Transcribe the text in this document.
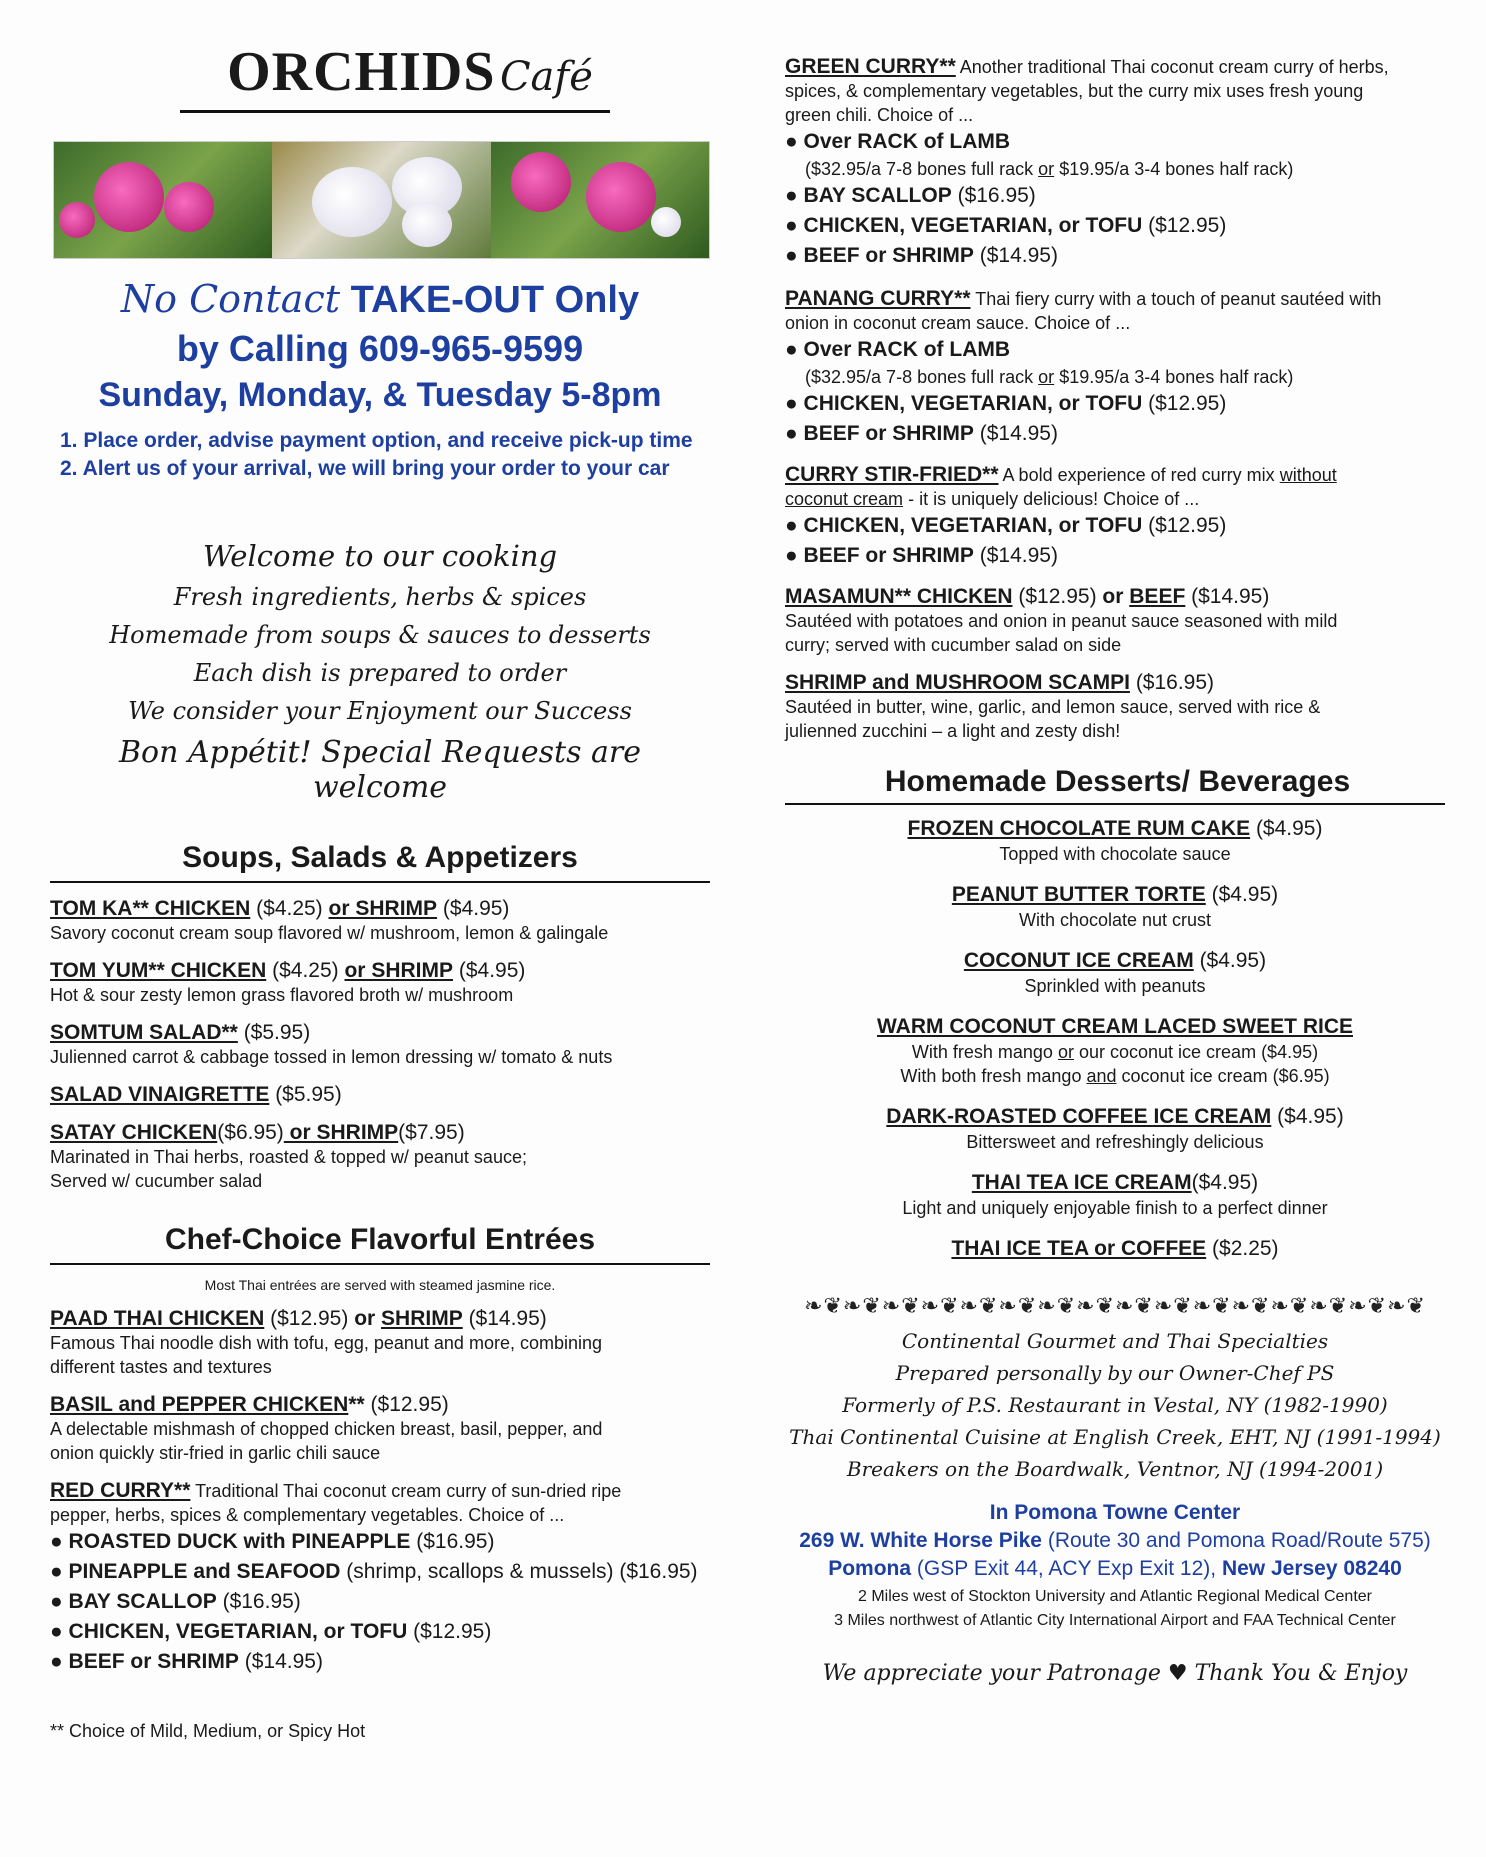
ORCHIDS Café
No Contact TAKE-OUT Only
by Calling 609-965-9599
Sunday, Monday, & Tuesday 5-8pm
1. Place order, advise payment option, and receive pick-up time
2. Alert us of your arrival, we will bring your order to your car
Welcome to our cooking
Fresh ingredients, herbs & spices
Homemade from soups & sauces to desserts
Each dish is prepared to order
We consider your Enjoyment our Success
Bon Appétit! Special Requests are welcome
Soups, Salads & Appetizers
TOM KA** CHICKEN ($4.25) or SHRIMP ($4.95)
Savory coconut cream soup flavored w/ mushroom, lemon & galingale
TOM YUM** CHICKEN ($4.25) or SHRIMP ($4.95)
Hot & sour zesty lemon grass flavored broth w/ mushroom
SOMTUM SALAD** ($5.95)
Julienned carrot & cabbage tossed in lemon dressing w/ tomato & nuts
SALAD VINAIGRETTE ($5.95)
SATAY CHICKEN($6.95) or SHRIMP($7.95)
Marinated in Thai herbs, roasted & topped w/ peanut sauce;
Served w/ cucumber salad
Chef-Choice Flavorful Entrées
Most Thai entrées are served with steamed jasmine rice.
PAAD THAI CHICKEN ($12.95) or SHRIMP ($14.95)
Famous Thai noodle dish with tofu, egg, peanut and more, combining
different tastes and textures
BASIL and PEPPER CHICKEN** ($12.95)
A delectable mishmash of chopped chicken breast, basil, pepper, and
onion quickly stir-fried in garlic chili sauce
RED CURRY** Traditional Thai coconut cream curry of sun-dried ripe
pepper, herbs, spices & complementary vegetables. Choice of ...
● ROASTED DUCK with PINEAPPLE ($16.95)
● PINEAPPLE and SEAFOOD (shrimp, scallops & mussels) ($16.95)
● BAY SCALLOP ($16.95)
● CHICKEN, VEGETARIAN, or TOFU ($12.95)
● BEEF or SHRIMP ($14.95)
** Choice of Mild, Medium, or Spicy Hot
GREEN CURRY** Another traditional Thai coconut cream curry of herbs,
spices, & complementary vegetables, but the curry mix uses fresh young
green chili. Choice of ...
● Over RACK of LAMB
($32.95/a 7-8 bones full rack or $19.95/a 3-4 bones half rack)
● BAY SCALLOP ($16.95)
● CHICKEN, VEGETARIAN, or TOFU ($12.95)
● BEEF or SHRIMP ($14.95)
PANANG CURRY** Thai fiery curry with a touch of peanut sautéed with
onion in coconut cream sauce. Choice of ...
● Over RACK of LAMB
($32.95/a 7-8 bones full rack or $19.95/a 3-4 bones half rack)
● CHICKEN, VEGETARIAN, or TOFU ($12.95)
● BEEF or SHRIMP ($14.95)
CURRY STIR-FRIED** A bold experience of red curry mix without
coconut cream - it is uniquely delicious! Choice of ...
● CHICKEN, VEGETARIAN, or TOFU ($12.95)
● BEEF or SHRIMP ($14.95)
MASAMUN** CHICKEN ($12.95) or BEEF ($14.95)
Sautéed with potatoes and onion in peanut sauce seasoned with mild
curry; served with cucumber salad on side
SHRIMP and MUSHROOM SCAMPI ($16.95)
Sautéed in butter, wine, garlic, and lemon sauce, served with rice &
julienned zucchini – a light and zesty dish!
Homemade Desserts/ Beverages
FROZEN CHOCOLATE RUM CAKE ($4.95)
Topped with chocolate sauce
PEANUT BUTTER TORTE ($4.95)
With chocolate nut crust
COCONUT ICE CREAM ($4.95)
Sprinkled with peanuts
WARM COCONUT CREAM LACED SWEET RICE
With fresh mango or our coconut ice cream ($4.95)
With both fresh mango and coconut ice cream ($6.95)
DARK-ROASTED COFFEE ICE CREAM ($4.95)
Bittersweet and refreshingly delicious
THAI TEA ICE CREAM($4.95)
Light and uniquely enjoyable finish to a perfect dinner
THAI ICE TEA or COFFEE ($2.25)
❧❦❧❦❧❦❧❦❧❦❧❦❧❦❧❦❧❦❧❦❧❦❧❦❧❦❧❦❧❦❧❦
Continental Gourmet and Thai Specialties
Prepared personally by our Owner-Chef PS
Formerly of P.S. Restaurant in Vestal, NY (1982-1990)
Thai Continental Cuisine at English Creek, EHT, NJ (1991-1994)
Breakers on the Boardwalk, Ventnor, NJ (1994-2001)
In Pomona Towne Center
269 W. White Horse Pike (Route 30 and Pomona Road/Route 575)
Pomona (GSP Exit 44, ACY Exp Exit 12), New Jersey 08240
2 Miles west of Stockton University and Atlantic Regional Medical Center
3 Miles northwest of Atlantic City International Airport and FAA Technical Center
We appreciate your Patronage ♥ Thank You & Enjoy
